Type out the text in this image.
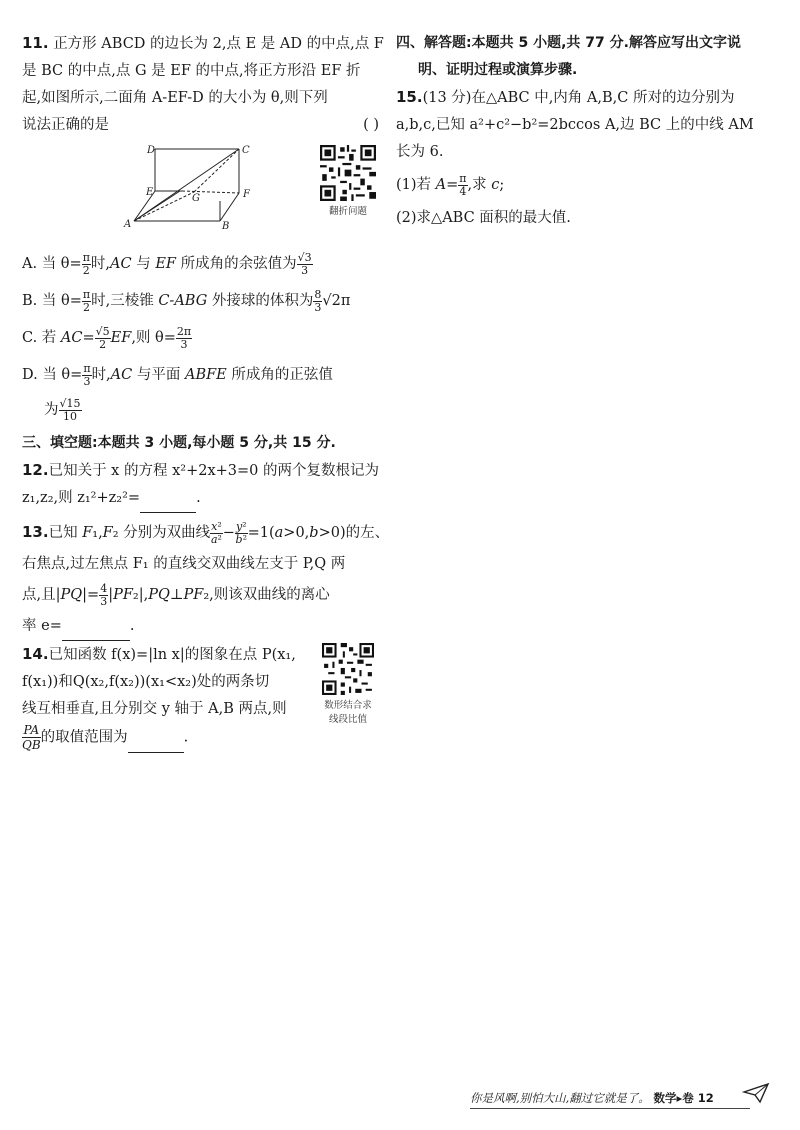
11. 正方形 ABCD 的边长为 2,点 E 是 AD 的中点,点 F
是 BC 的中点,点 G 是 EF 的中点,将正方形沿 EF 折
起,如图所示,二面角 A-EF-D 的大小为 θ,则下列
说法正确的是	( )
D	C
E
G	F
A	B
翻折问题
A. 当 $\theta= \frac{\pi}{2}$ 时,AC 与 EF 所成角的余弦值为 $\frac{√3}{3}$
B. 当 $\theta= \frac{\pi}{2}$ 时,三棱锥 C-ABG 外接球的体积为 $\frac{8}{3} √2\pi$
C. 若 $AC= \frac{√5}{2}$ EF,则 $\theta= \frac{2\pi}{3}$
D. 当 $\theta= \frac{\pi}{3}$ 时,AC 与平面 ABFE 所成角的正弦值
为 $\frac{√15}{10}$
三、填空题:本题共 3 小题,每小题 5 分,共 15 分.
12.已知关于 x 的方程 x²+2x+3=0 的两个复数根记为
z₁,z₂,则 z₁²+z₂²=	.
13.已知 F₁,F₂ 分别为双曲线 $\frac{\text{x²}}{\text{a²}} - \frac{\text{y²}}{\text{b²}} =1(a>0,b>0)$的左、
右焦点,过左焦点 F₁ 的直线交双曲线左支于 P,Q 两
点,且$|PQ|= \frac{4}{3}$ |PF₂|,PQ⊥PF₂,则该双曲线的离心
率 e=	.
14.已知函数 f(x)=|ln x|的图象在点 P(x₁,
f(x₁))和Q(x₂,f(x₂))(x₁<x₂)处的两条切
线互相垂直,且分别交 y 轴于 A,B 两点,则
$\frac{PA}{QB}$ 的取值范围为	.
数形结合求
线段比值
四、解答题:本题共 5 小题,共 77 分.解答应写出文字说
明、证明过程或演算步骤.
15.(13 分)在△ABC 中,内角 A,B,C 所对的边分别为
a,b,c,已知 a²+c²−b²=2bccos A,边 BC 上的中线 AM
长为 6.
(1)若 $A= \frac{\pi}{4}$ ,求 c;
(2)求△ABC 面积的最大值.
你是风啊,别怕大山,翻过它就是了。 数学▸卷 12
